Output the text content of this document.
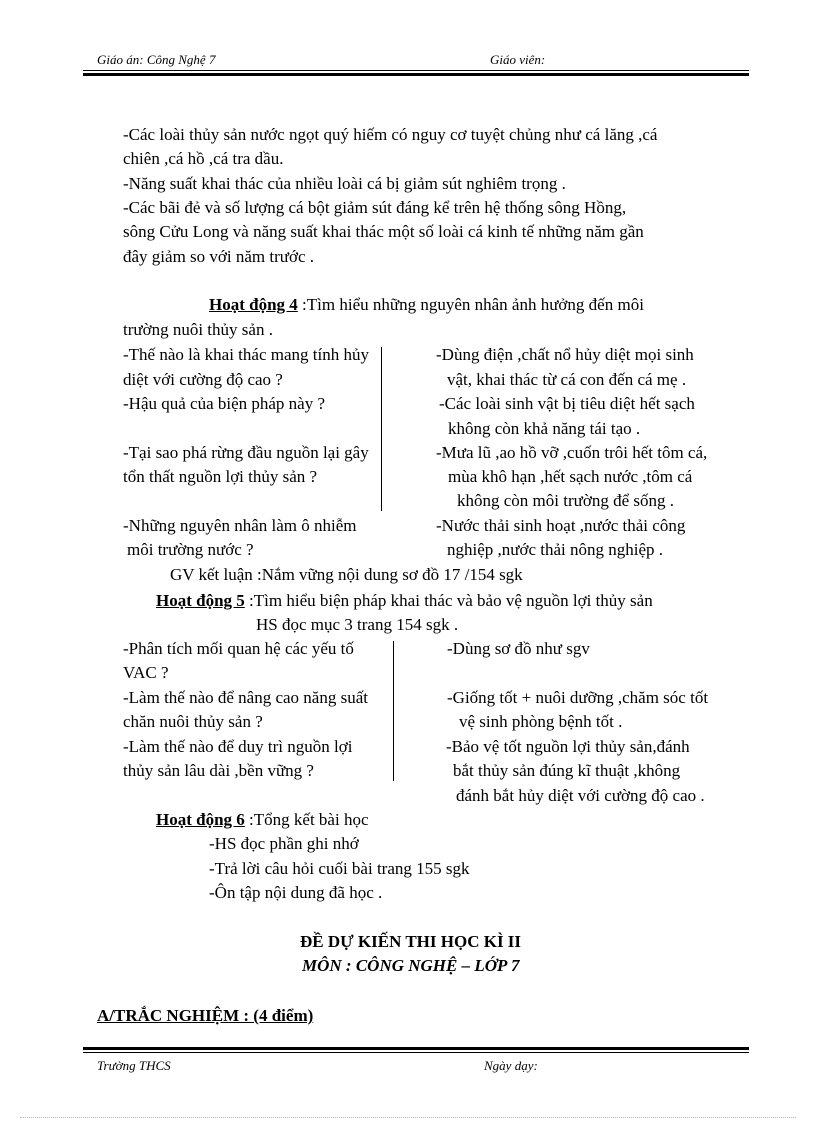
Giáo án: Công Nghệ 7	Giáo viên:
-Các loài thủy sản nước ngọt quý hiếm có nguy cơ tuyệt chủng như cá lăng ,cá
chiên ,cá hồ ,cá tra dầu.
-Năng suất khai thác của nhiều loài cá bị giảm sút nghiêm trọng .
-Các bãi đẻ và số lượng cá bột giảm sút đáng kể trên hệ thống sông Hồng,
sông Cửu Long và năng suất khai thác một số loài cá kinh tế những năm gần
đây giảm so với năm trước .
Hoạt động 4 :Tìm hiểu những nguyên nhân ảnh hưởng đến môi
trường nuôi thủy sản .
-Thế nào là khai thác mang tính hủy
diệt với cường độ cao ?
-Hậu quả của biện pháp này ?
-Tại sao phá rừng đầu nguồn lại gây
tổn thất nguồn lợi thủy sản ?
-Những nguyên nhân làm ô nhiễm
môi trường nước ?
-Dùng điện ,chất nổ hủy diệt mọi sinh
vật, khai thác từ cá con đến cá mẹ .
-Các loài sinh vật bị tiêu diệt hết sạch
không còn khả năng tái tạo .
-Mưa lũ ,ao hồ vỡ ,cuốn trôi hết tôm cá,
mùa khô hạn ,hết sạch nước ,tôm cá
không còn môi trường để sống .
-Nước thải sinh hoạt ,nước thải công
nghiệp ,nước thải nông nghiệp .
GV kết luận :Nắm vững nội dung sơ đồ 17 /154 sgk
Hoạt động 5 :Tìm hiểu biện pháp khai thác và bảo vệ nguồn lợi thủy sản
HS đọc mục 3 trang 154 sgk .
-Phân tích mối quan hệ các yếu tố
VAC ?
-Làm thế nào để nâng cao năng suất
chăn nuôi thủy sản ?
-Làm thế nào để duy trì nguồn lợi
thủy sản lâu dài ,bền vững ?
-Dùng sơ đồ như sgv
-Giống tốt + nuôi dưỡng ,chăm sóc tốt
vệ sinh phòng bệnh tốt .
-Bảo vệ tốt nguồn lợi thủy sản,đánh
bắt thủy sản đúng kĩ thuật ,không
đánh bắt hủy diệt với cường độ cao .
Hoạt động 6 :Tổng kết bài học
-HS đọc phần ghi nhớ
-Trả lời câu hỏi cuối bài trang 155 sgk
-Ôn tập nội dung đã học .
ĐỀ DỰ KIẾN THI HỌC KÌ II
MÔN : CÔNG NGHỆ – LỚP 7
A/TRẮC NGHIỆM : (4 điểm)
Trường THCS	Ngày dạy:
